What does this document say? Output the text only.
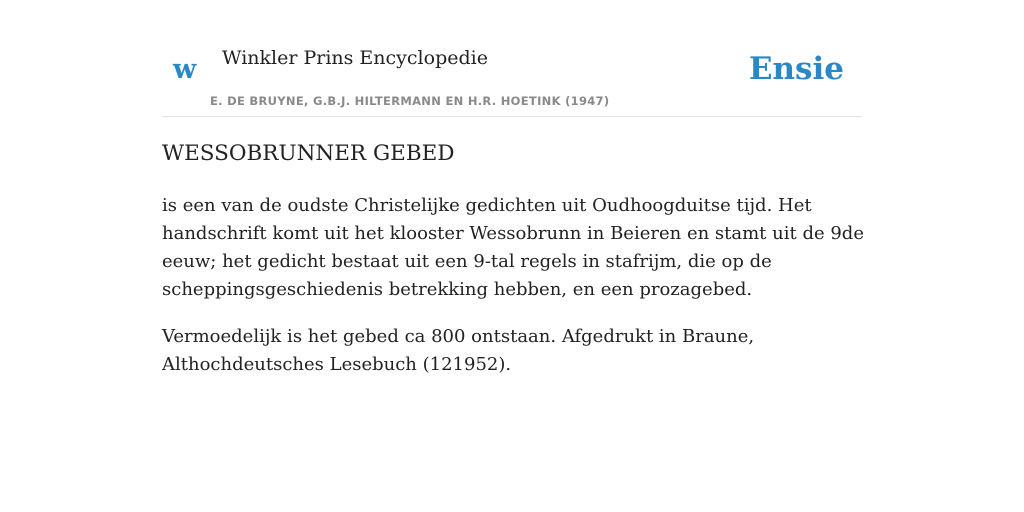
w Winkler Prins Encyclopedie
E. DE BRUYNE, G.B.J. HILTERMANN EN H.R. HOETINK (1947)
Ensie
WESSOBRUNNER GEBED

is een van de oudste Christelijke gedichten uit Oudhoogduitse tijd. Het handschrift komt uit het klooster Wessobrunn in Beieren en stamt uit de 9de eeuw; het gedicht bestaat uit een 9-tal regels in stafrijm, die op de scheppingsgeschiedenis betrekking hebben, en een prozagebed.

Vermoedelijk is het gebed ca 800 ontstaan. Afgedrukt in Braune, Althochdeutsches Lesebuch (121952).
